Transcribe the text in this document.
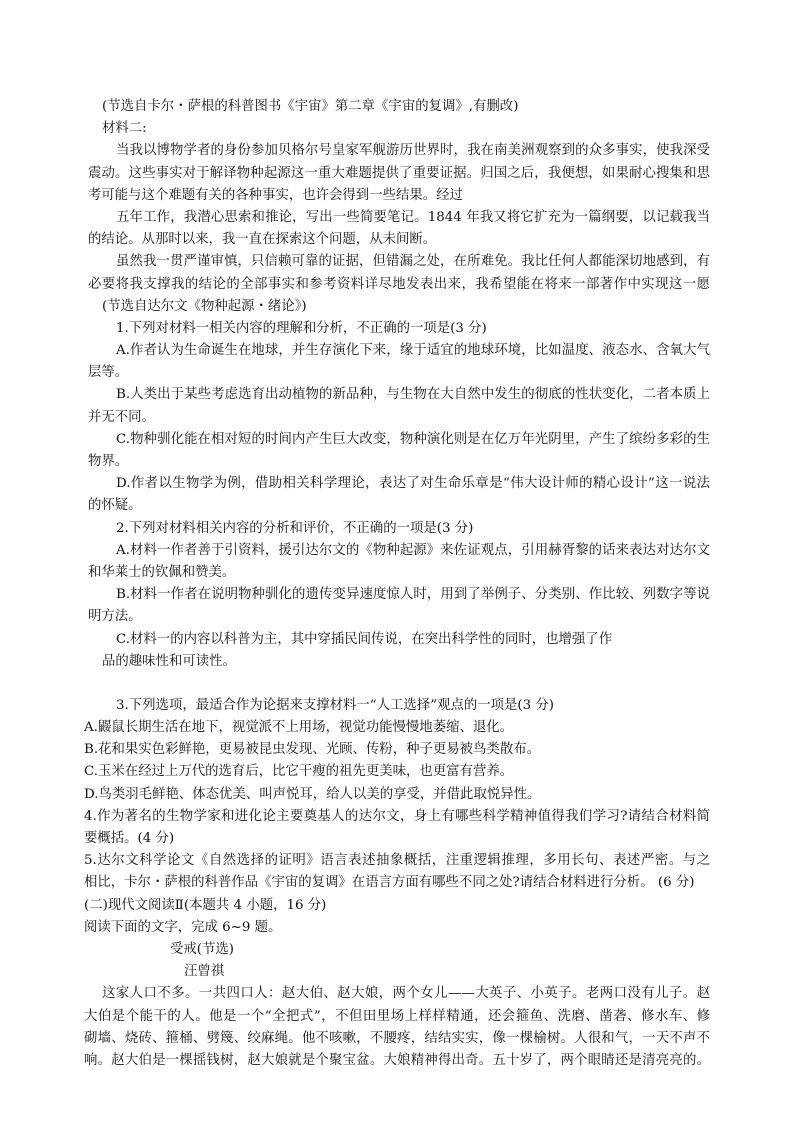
(节选自卡尔・萨根的科普图书《宇宙》第二章《宇宙的复调》,有删改)
材料二:
当我以博物学者的身份参加贝格尔号皇家军舰游历世界时，我在南美洲观察到的众多事实，使我深受
震动。这些事实对于解译物种起源这一重大难题提供了重要证据。归国之后，我便想，如果耐心搜集和思
考可能与这个难题有关的各种事实，也许会得到一些结果。经过
五年工作，我潜心思索和推论，写出一些简要笔记。1844 年我又将它扩充为一篇纲要，以记载我当
的结论。从那时以来，我一直在探索这个问题，从未间断。
虽然我一贯严谨审慎，只信赖可靠的证据，但错漏之处，在所难免。我比任何人都能深切地感到，有
必要将我支撑我的结论的全部事实和参考资料详尽地发表出来，我希望能在将来一部著作中实现这一愿
(节选自达尔文《物种起源・绪论》)
1.下列对材料一相关内容的理解和分析，不正确的一项是(3 分)
A.作者认为生命诞生在地球，并生存演化下来，缘于适宜的地球环境，比如温度、液态水、含氧大气
层等。
B.人类出于某些考虑选育出动植物的新品种，与生物在大自然中发生的彻底的性状变化，二者本质上
并无不同。
C.物种驯化能在相对短的时间内产生巨大改变，物种演化则是在亿万年光阴里，产生了缤纷多彩的生
物界。
D.作者以生物学为例，借助相关科学理论，表达了对生命乐章是“伟大设计师的精心设计”这一说法
的怀疑。
2.下列对材料相关内容的分析和评价，不正确的一项是(3 分)
A.材料一作者善于引资料，援引达尔文的《物种起源》来佐证观点，引用赫胥黎的话来表达对达尔文
和华莱士的钦佩和赞美。
B.材料一作者在说明物种驯化的遗传变异速度惊人时，用到了举例子、分类别、作比较、列数字等说
明方法。
C.材料一的内容以科普为主，其中穿插民间传说，在突出科学性的同时，也增强了作
品的趣味性和可读性。
3.下列选项，最适合作为论据来支撑材料一“人工选择”观点的一项是(3 分)
A.鼹鼠长期生活在地下，视觉派不上用场，视觉功能慢慢地萎缩、退化。
B.花和果实色彩鲜艳，更易被昆虫发现、光顾、传粉，种子更易被鸟类散布。
C.玉米在经过上万代的选育后，比它干瘦的祖先更美味，也更富有营养。
D.鸟类羽毛鲜艳、体态优美、叫声悦耳，给人以美的享受，并借此取悦异性。
4.作为著名的生物学家和进化论主要奠基人的达尔文，身上有哪些科学精神值得我们学习?请结合材料简
要概括。(4 分)
5.达尔文科学论文《自然选择的证明》语言表述抽象概括，注重逻辑推理，多用长句、表述严密。与之
相比，卡尔・萨根的科普作品《宇宙的复调》在语言方面有哪些不同之处?请结合材料进行分析。 (6 分)
(二)现代文阅读Ⅱ(本题共 4 小题，16 分)
阅读下面的文字，完成 6~9 题。
受戒(节选)
汪曾祺
这家人口不多。一共四口人：赵大伯、赵大娘，两个女儿——大英子、小英子。老两口没有儿子。赵
大伯是个能干的人。他是一个“全把式”，不但田里场上样样精通，还会箍鱼、洗磨、凿砻、修水车、修
砌墙、烧砖、箍桶、劈篾、绞麻绳。他不咳嗽，不腰疼，结结实实，像一棵榆树。人很和气，一天不声不
响。赵大伯是一棵摇钱树，赵大娘就是个聚宝盆。大娘精神得出奇。五十岁了，两个眼睛还是清亮亮的。
